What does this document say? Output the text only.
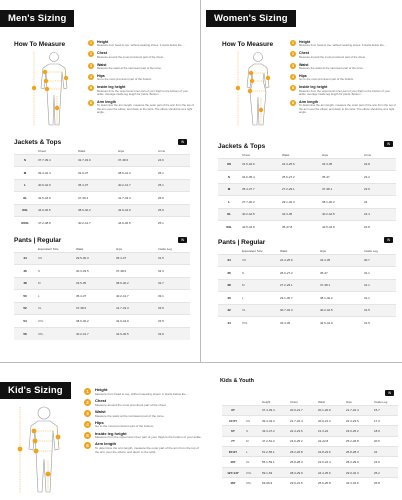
Men's Sizing
How To Measure	1	Height
Measure from head to toe, without wearing shoes. It starts below the ...
2	Chest
Measure around the most prominent part of the chest.
3	Waist
Measure the waist at the narrowest part of the torso.
4	Hips
Go to the most prominent part of the bottom.
5	Inside leg height
Measure from the uppermost inner part of your thigh to the bottom of your ankle. Average inside leg length for pants. Bottom ...
6	Arm length
To determine the arm length, measure the outer part of the arm from the top of the arm over the elbow, and down to the wrist. The elbow should be at a right angle.
Jackets & Tops	IN
	Chest	Waist	Hips	Arms
S	37.7-39.4	32.7-33.9	37-38.6	24.6
M	39.4-42.4	33.9-37	38.6-41.3	25.1
L	40.9-42.9	35.4-37	40.2-41.7	25.1
XL	42.5-44.9	37-39.4	41.7-43.3	25.9
XXL	44.9-46.5	38.6-40.2	42.9-44.9	25.9
XXXL	47.2-48.8	40.2-41.7	44.9-46.5	25.1
Pants | Regular	IN
	Equivalent Size	Waist	Hips	Inside Leg
44	XS	29.5-30.3	35.4-37	31.5
46	S	30.3-33.5	37-38.6	32.3
48	M	33.5-35	38.6-40.2	32.7
50	L	35.4-37	40.2-41.7	33.1
52	XL	37-38.6	41.7-43.3	33.5
54	XXL	38.6-40.2	42.9-44.9	33.5
56	3XL	40.2-41.7	44.9-46.5	33.9
Women's Sizing
How To Measure	1	Height
Measure from head to toe, without wearing shoes. It starts below the ...
2	Chest
Measure around the most prominent part of the chest.
3	Waist
Measure the waist at the narrowest part of the torso.
4	Hips
Go to the most prominent part of the bottom.
5	Inside leg height
Measure from the uppermost inner part of your thigh to the bottom of your ankle. Average inside leg length for pants. Bottom ...
6	Arm length
To determine the arm length, measure the outer part of the arm from the top of the arm over the elbow, and down to the wrist. The elbow should be at a right angle.
Jackets & Tops	IN
	Chest	Waist	Hips	Arms
XS	31.5-32.6	24.4-25.6	34.3-35	22.8
S	32.6-35.4	25.6-27.2	35-37	23.2
M	35.4-37.7	27.2-29.1	37-38.1	23.6
L	37.7-40.2	29.1-32.3	38.1-40.2	24
XL	40.2-42.5	32.3-35	40.2-42.5	24.4
XXL	42.5-44.9	35-37.8	42.5-44.9	24.8
Pants | Regular	IN
	Equivalent Size	Waist	Hips	Inside Leg
34	XS	24.4-25.6	34.3-35	30.7
36	S	25.6-27.2	35-37	31.1
38	M	27.2-29.1	37-38.1	31.1
40	L	29.1-30.7	38.1-40.2	31.1
42	XL	30.7-32.3	40.2-42.5	31.5
44	XXL	32.3-35	42.5-44.9	31.5
Kid's Sizing	1	Height
Measure from head to toe, without wearing shoes. It starts below the ...
2	Chest
Measure around the most prominent part of the chest.
3	Waist
Measure the waist at the narrowest part of the torso.
4	Hips
Go to the most prominent part of the bottom.
5	Inside leg height
Measure from the uppermost inner part of your thigh to the bottom of your ankle.
6	Arm length
To determine the arm length, measure the outer part of the arm from the top of the arm over the elbow, and down to the wrist.
Kids & Youth
IN
		Height	Chest	Waist	Hips	Inside Leg
3Y		37.4-39.4	20.9-21.7	20.1-20.9	21.7-22.4	15.7
4Y-5Y	XS	39.4-43.3	21.7-22.4	20.9-21.3	22.4-23.6	17.3
6Y	S	43.3-47.2	22.4-23.6	21.3-22	23.6-25.2	18.9
7Y	M	47.2-51.2	23.6-25.2	22-22.8	25.2-26.8	20.5
8Y-9Y	L	51.2-55.1	25.2-26.8	22.8-23.6	26.8-28.3	22
10Y	XL	55.1-59.1	26.8-28.3	23.6-24.4	28.3-29.9	23.6
12Y-14Y	XXL	59.1-63	28.3-29.9	24.4-25.6	29.9-32.3	25.2
16Y	3XL	63-66.9	29.9-31.5	25.6-26.8	32.3-34.6	26.8
